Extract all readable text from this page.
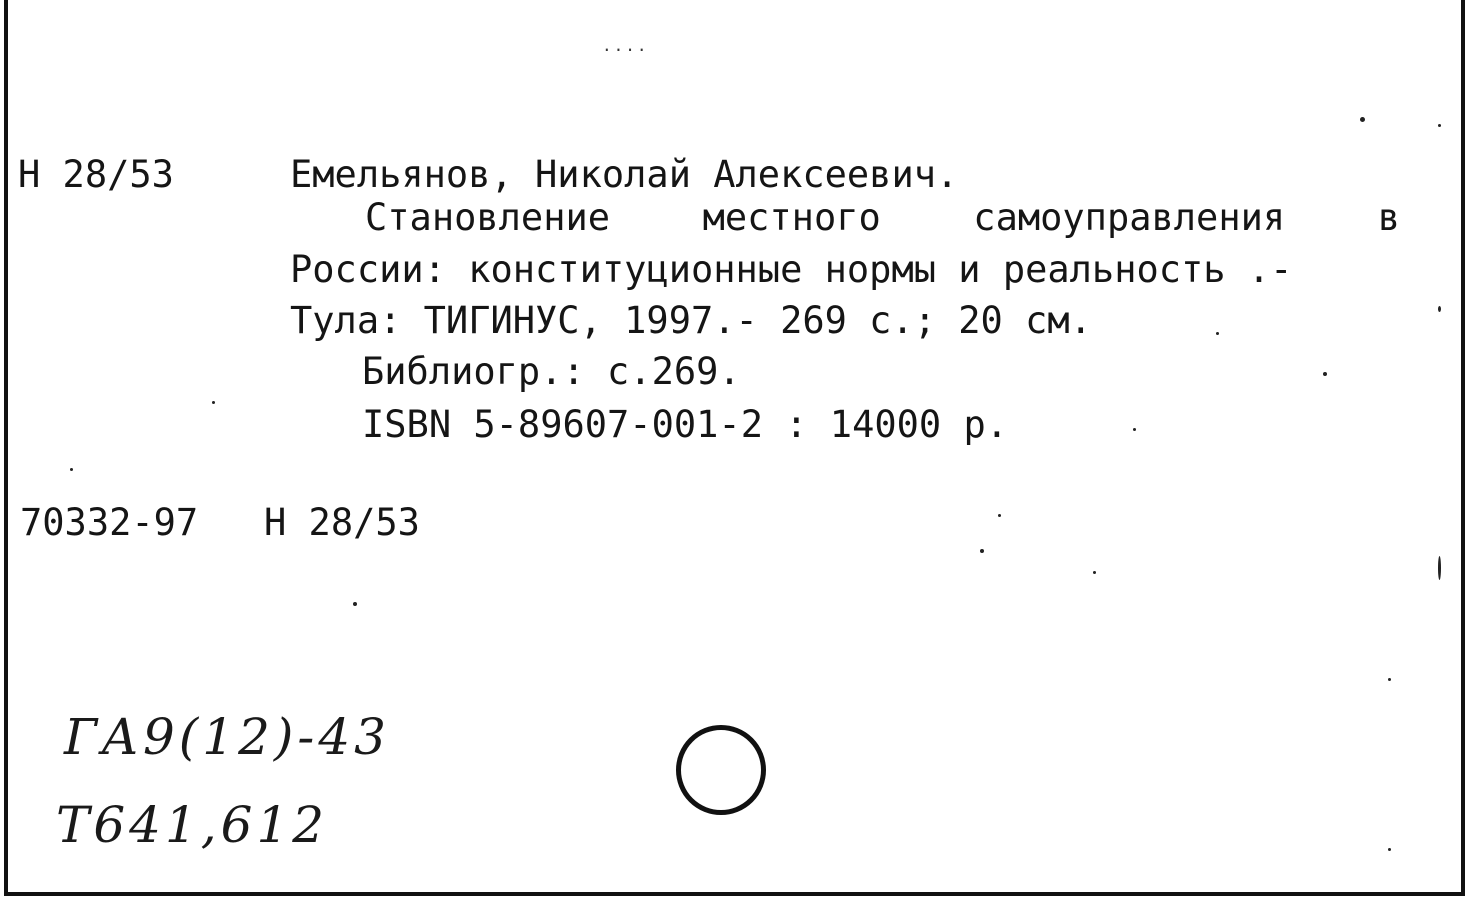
....
Н 28/53	Емельянов, Николай Алексеевич.
Становление	местного	самоуправления	в
России: конституционные нормы и реальность .-
Тула: ТИГИНУС, 1997.- 269 с.; 20 см.
Библиогр.: с.269.
ISBN 5-89607-001-2 : 14000 р.
70332-97 Н 28/53
ГА9(12)-43
Т641,612
